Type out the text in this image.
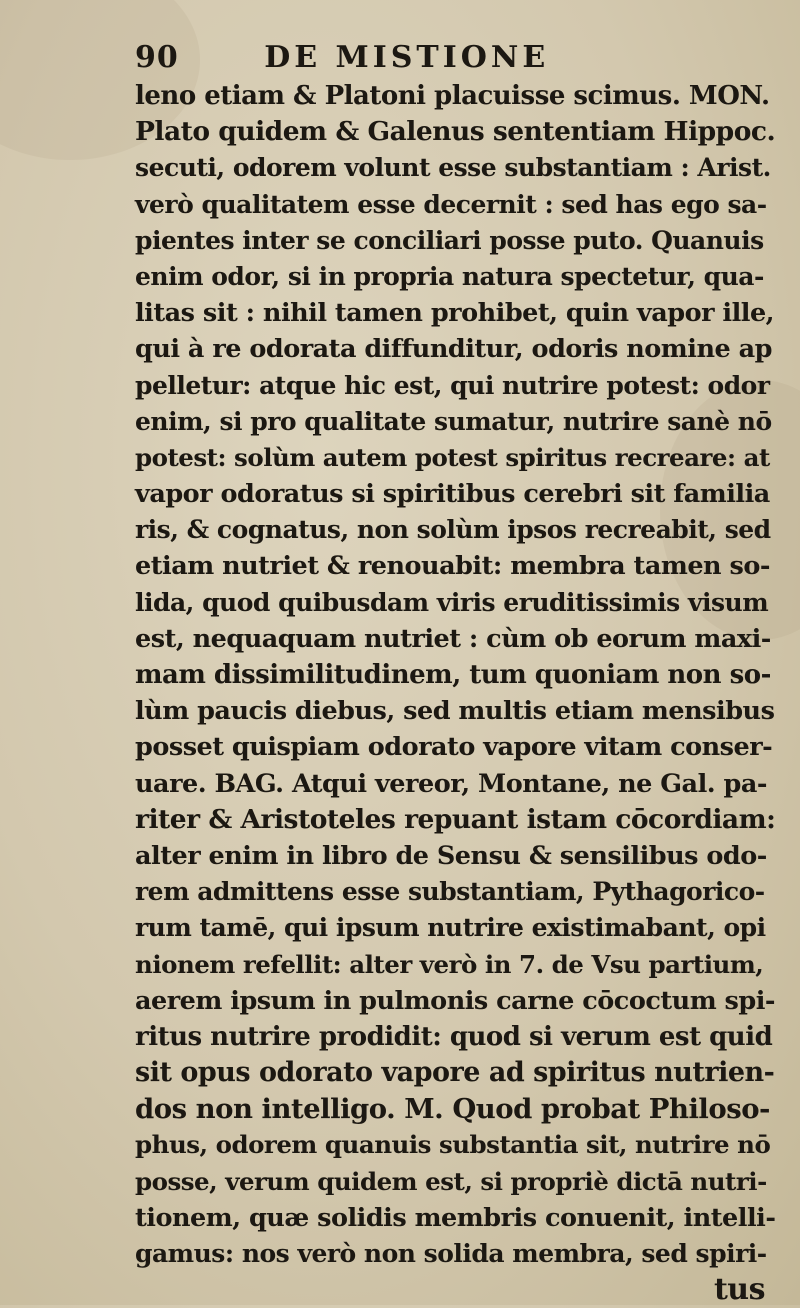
90	DE MISTIONE
leno etiam & Platoni placuisse scimus. MON.
Plato quidem & Galenus sententiam Hippoc.
secuti, odorem volunt esse substantiam : Arist.
verò qualitatem esse decernit : sed has ego sa-
pientes inter se conciliari posse puto. Quanuis
enim odor, si in propria natura spectetur, qua-
litas sit : nihil tamen prohibet, quin vapor ille,
qui à re odorata diffunditur, odoris nomine ap
pelletur: atque hic est, qui nutrire potest: odor
enim, si pro qualitate sumatur, nutrire sanè nō
potest: solùm autem potest spiritus recreare: at
vapor odoratus si spiritibus cerebri sit familia
ris, & cognatus, non solùm ipsos recreabit, sed
etiam nutriet & renouabit: membra tamen so-
lida, quod quibusdam viris eruditissimis visum
est, nequaquam nutriet : cùm ob eorum maxi-
mam dissimilitudinem, tum quoniam non so-
lùm paucis diebus, sed multis etiam mensibus
posset quispiam odorato vapore vitam conser-
uare. BAG. Atqui vereor, Montane, ne Gal. pa-
riter & Aristoteles repuant istam cōcordiam:
alter enim in libro de Sensu & sensilibus odo-
rem admittens esse substantiam, Pythagorico-
rum tamē, qui ipsum nutrire existimabant, opi
nionem refellit: alter verò in 7. de Vsu partium,
aerem ipsum in pulmonis carne cōcoctum spi-
ritus nutrire prodidit: quod si verum est quid
sit opus odorato vapore ad spiritus nutrien-
dos non intelligo. M. Quod probat Philoso-
phus, odorem quanuis substantia sit, nutrire nō
posse, verum quidem est, si propriè dictā nutri-
tionem, quæ solidis membris conuenit, intelli-
gamus: nos verò non solida membra, sed spiri-
tus
